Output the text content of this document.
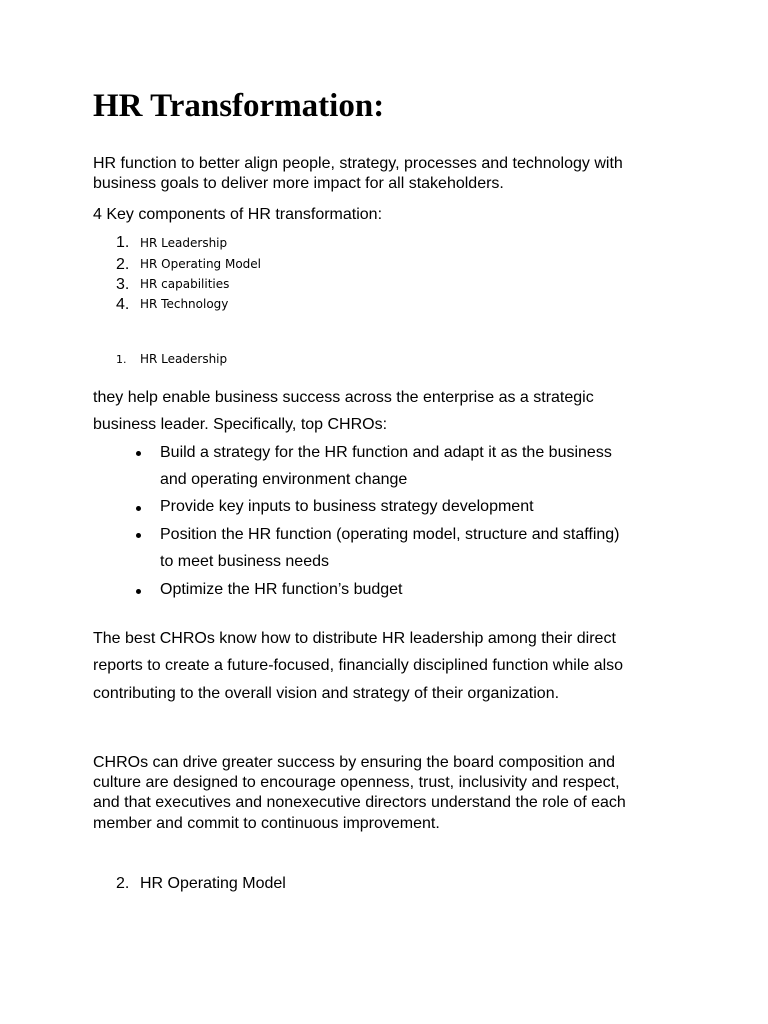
HR Transformation:

HR function to better align people, strategy, processes and technology with

business goals to deliver more impact for all stakeholders.

4 Key components of HR transformation:

1. HR Leadership
2. HR Operating Model
3. HR capabilities
4. HR Technology
1. HR Leadership

they help enable business success across the enterprise as a strategic

business leader. Specifically, top CHROs:

Build a strategy for the HR function and adapt it as the business

and operating environment change

Provide key inputs to business strategy development

Position the HR function (operating model, structure and staffing)

to meet business needs

Optimize the HR function’s budget

The best CHROs know how to distribute HR leadership among their direct

reports to create a future-focused, financially disciplined function while also

contributing to the overall vision and strategy of their organization.

CHROs can drive greater success by ensuring the board composition and

culture are designed to encourage openness, trust, inclusivity and respect,

and that executives and nonexecutive directors understand the role of each

member and commit to continuous improvement.

2. HR Operating Model
